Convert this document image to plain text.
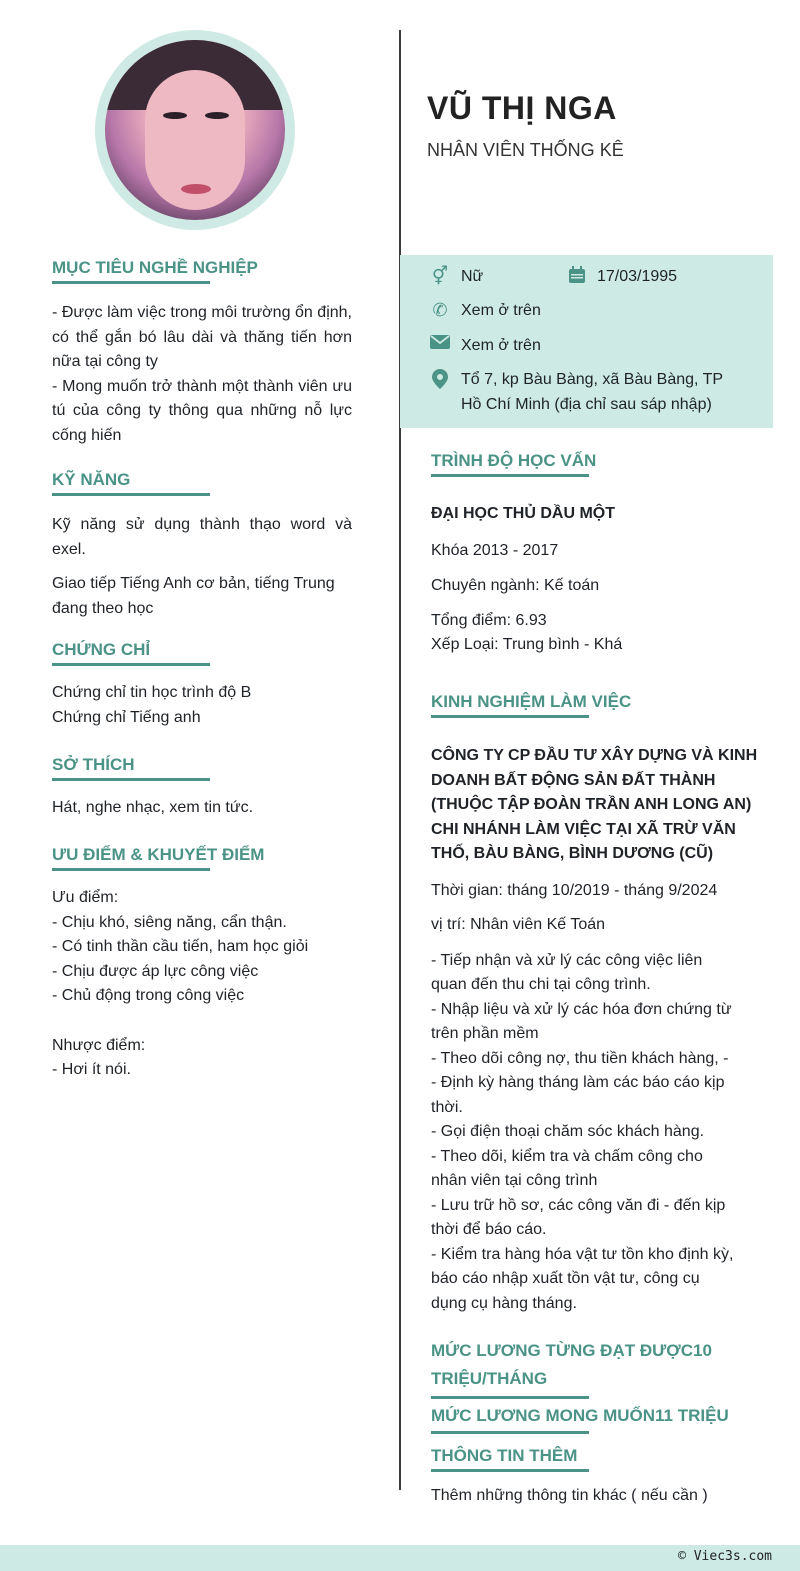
MỤC TIÊU NGHỀ NGHIỆP
- Được làm việc trong môi trường ổn định, có thể gắn bó lâu dài và thăng tiến hơn nữa tại công ty
- Mong muốn trở thành một thành viên ưu tú của công ty thông qua những nỗ lực cống hiến
KỸ NĂNG
Kỹ năng sử dụng thành thạo word và exel.
Giao tiếp Tiếng Anh cơ bản, tiếng Trung đang theo học
CHỨNG CHỈ
Chứng chỉ tin học trình độ B
Chứng chỉ Tiếng anh
SỞ THÍCH
Hát, nghe nhạc, xem tin tức.
ƯU ĐIỂM & KHUYẾT ĐIỂM
Ưu điểm:
- Chịu khó, siêng năng, cẩn thận.
- Có tinh thần cầu tiến, ham học giỏi
- Chịu được áp lực công việc
- Chủ động trong công việc
Nhược điểm:
- Hơi ít nói.
VŨ THỊ NGA
NHÂN VIÊN THỐNG KÊ
⚥ Nữ	17/03/1995
✆ Xem ở trên
Xem ở trên
Tổ 7, kp Bàu Bàng, xã Bàu Bàng, TP
Hồ Chí Minh (địa chỉ sau sáp nhập)
TRÌNH ĐỘ HỌC VẤN
ĐẠI HỌC THỦ DẦU MỘT
Khóa 2013 - 2017
Chuyên ngành: Kế toán
Tổng điểm: 6.93
Xếp Loại: Trung bình - Khá
KINH NGHIỆM LÀM VIỆC
CÔNG TY CP ĐẦU TƯ XÂY DỰNG VÀ KINH
DOANH BẤT ĐỘNG SẢN ĐẤT THÀNH
(THUỘC TẬP ĐOÀN TRẦN ANH LONG AN)
CHI NHÁNH LÀM VIỆC TẠI XÃ TRỪ VĂN
THỐ, BÀU BÀNG, BÌNH DƯƠNG (CŨ)
Thời gian: tháng 10/2019 - tháng 9/2024
vị trí: Nhân viên Kế Toán
- Tiếp nhận và xử lý các công việc liên
quan đến thu chi tại công trình.
- Nhập liệu và xử lý các hóa đơn chứng từ
trên phần mềm
- Theo dõi công nợ, thu tiền khách hàng, -
- Định kỳ hàng tháng làm các báo cáo kịp
thời.
- Gọi điện thoại chăm sóc khách hàng.
- Theo dõi, kiểm tra và chấm công cho
nhân viên tại công trình
- Lưu trữ hồ sơ, các công văn đi - đến kịp
thời để báo cáo.
- Kiểm tra hàng hóa vật tư tồn kho định kỳ,
báo cáo nhập xuất tồn vật tư, công cụ
dụng cụ hàng tháng.
MỨC LƯƠNG TỪNG ĐẠT ĐƯỢC10
TRIỆU/THÁNG
MỨC LƯƠNG MONG MUỐN11 TRIỆU
THÔNG TIN THÊM
Thêm những thông tin khác ( nếu cần )
© Viec3s.com
